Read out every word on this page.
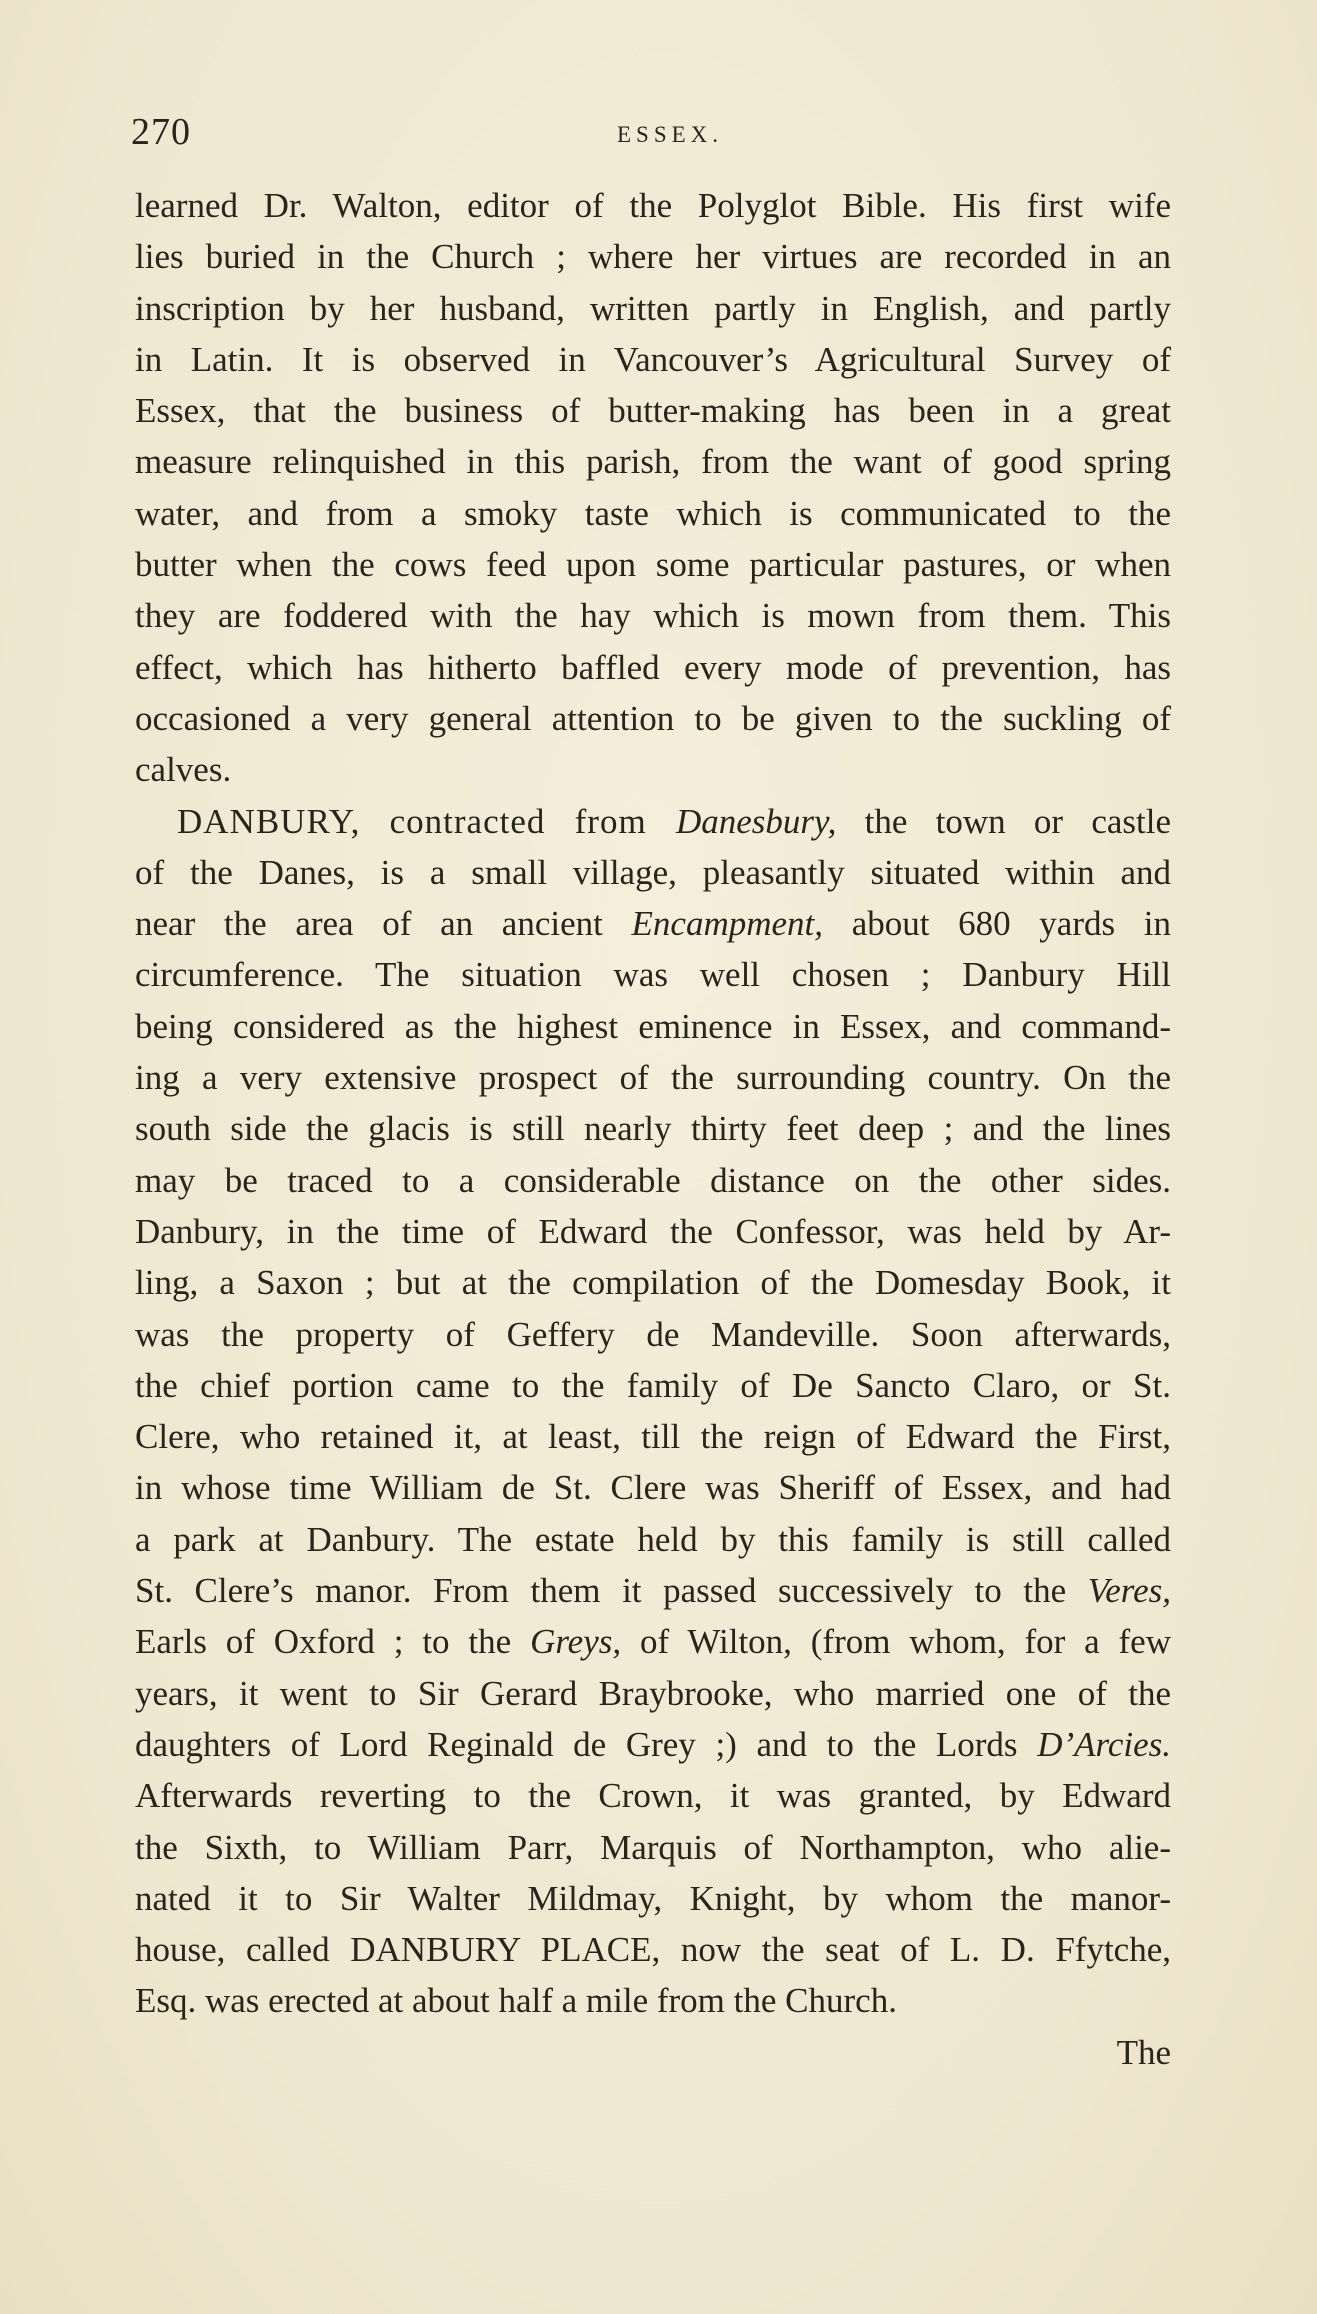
270	ESSEX.
learned Dr. Walton, editor of the Polyglot Bible. His first wife
lies buried in the Church ; where her virtues are recorded in an
inscription by her husband, written partly in English, and partly
in Latin. It is observed in Vancouver’s Agricultural Survey of
Essex, that the business of butter-making has been in a great
measure relinquished in this parish, from the want of good spring
water, and from a smoky taste which is communicated to the
butter when the cows feed upon some particular pastures, or when
they are foddered with the hay which is mown from them. This
effect, which has hitherto baffled every mode of prevention, has
occasioned a very general attention to be given to the suckling of
calves.
DANBURY, contracted from Danesbury, the town or castle
of the Danes, is a small village, pleasantly situated within and
near the area of an ancient Encampment, about 680 yards in
circumference. The situation was well chosen ; Danbury Hill
being considered as the highest eminence in Essex, and command-
ing a very extensive prospect of the surrounding country. On the
south side the glacis is still nearly thirty feet deep ; and the lines
may be traced to a considerable distance on the other sides.
Danbury, in the time of Edward the Confessor, was held by Ar-
ling, a Saxon ; but at the compilation of the Domesday Book, it
was the property of Geffery de Mandeville. Soon afterwards,
the chief portion came to the family of De Sancto Claro, or St.
Clere, who retained it, at least, till the reign of Edward the First,
in whose time William de St. Clere was Sheriff of Essex, and had
a park at Danbury. The estate held by this family is still called
St. Clere’s manor. From them it passed successively to the Veres,
Earls of Oxford ; to the Greys, of Wilton, (from whom, for a few
years, it went to Sir Gerard Braybrooke, who married one of the
daughters of Lord Reginald de Grey ;) and to the Lords D’Arcies.
Afterwards reverting to the Crown, it was granted, by Edward
the Sixth, to William Parr, Marquis of Northampton, who alie-
nated it to Sir Walter Mildmay, Knight, by whom the manor-
house, called DANBURY PLACE, now the seat of L. D. Ffytche,
Esq. was erected at about half a mile from the Church.
The
